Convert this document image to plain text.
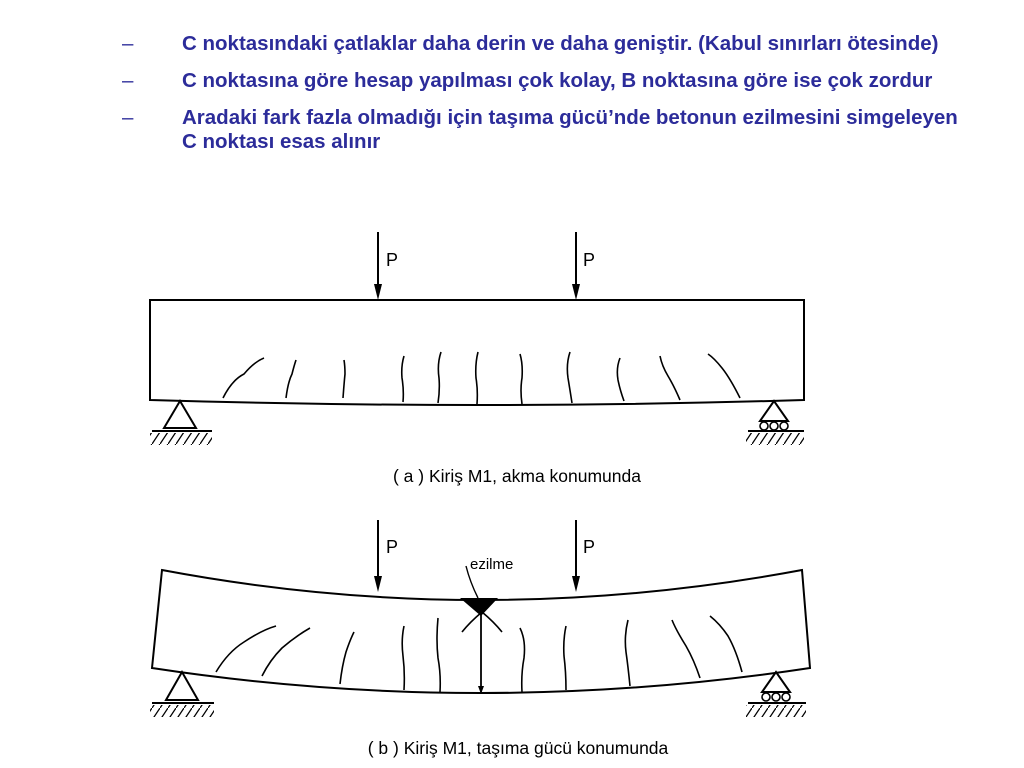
– C noktasındaki çatlaklar daha derin ve daha geniştir. (Kabul sınırları ötesinde)
– C noktasına göre hesap yapılması çok kolay, B noktasına göre ise çok zordur
– Aradaki fark fazla olmadığı için taşıma gücü’nde betonun ezilmesini simgeleyen C noktası esas alınır
P	P
( a ) Kiriş M1, akma konumunda
P	P
ezilme
( b ) Kiriş M1, taşıma gücü konumunda
